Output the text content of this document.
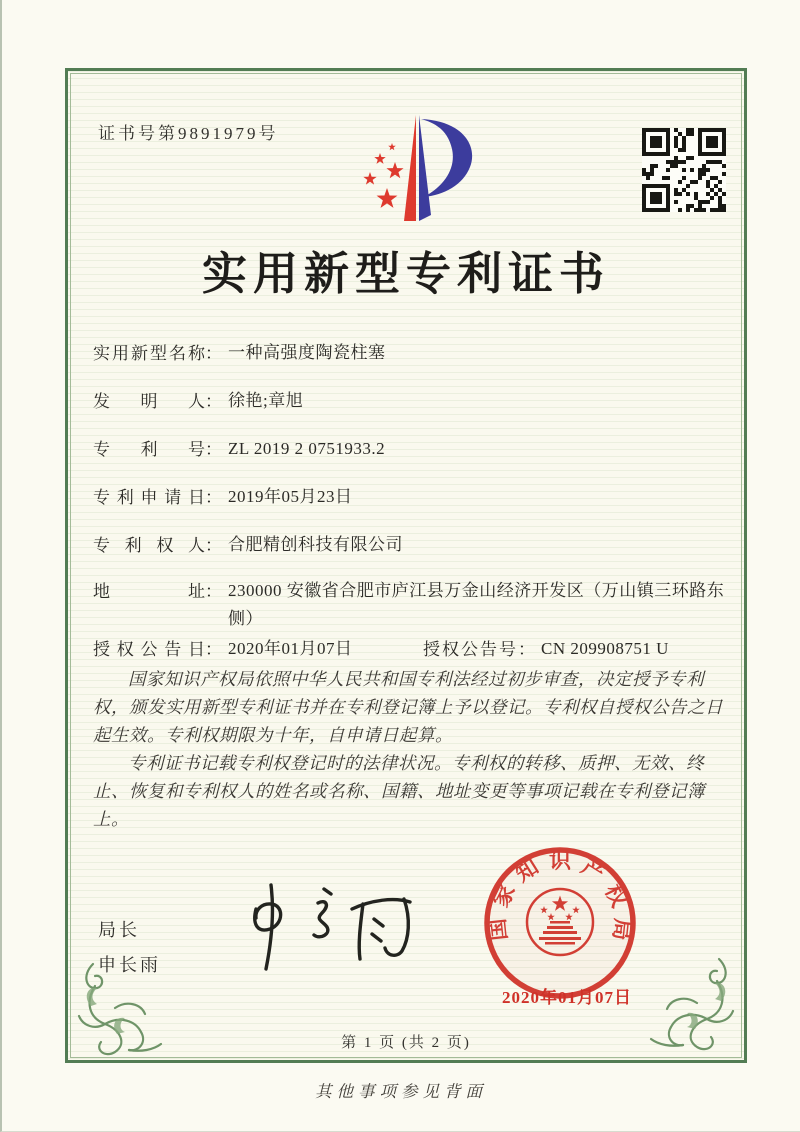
证书号第9891979号
实用新型专利证书
实用新型名称： 一种高强度陶瓷柱塞
发明人： 徐艳;章旭
专利号： ZL 2019 2 0751933.2
专利申请日： 2019年05月23日
专利权人： 合肥精创科技有限公司
地址： 230000 安徽省合肥市庐江县万金山经济开发区（万山镇三环路东侧）
授权公告日： 2020年01月07日	授权公告号： CN 209908751 U

国家知识产权局依照中华人民共和国专利法经过初步审查，决定授予专利权，颁发实用新型专利证书并在专利登记簿上予以登记。专利权自授权公告之日起生效。专利权期限为十年，自申请日起算。

专利证书记载专利权登记时的法律状况。专利权的转移、质押、无效、终止、恢复和专利权人的姓名或名称、国籍、地址变更等事项记载在专利登记簿上。

局长
申长雨
国
家
知 识 产
权
局
2020年01月07日
第 1 页 (共 2 页)
其他事项参见背面
